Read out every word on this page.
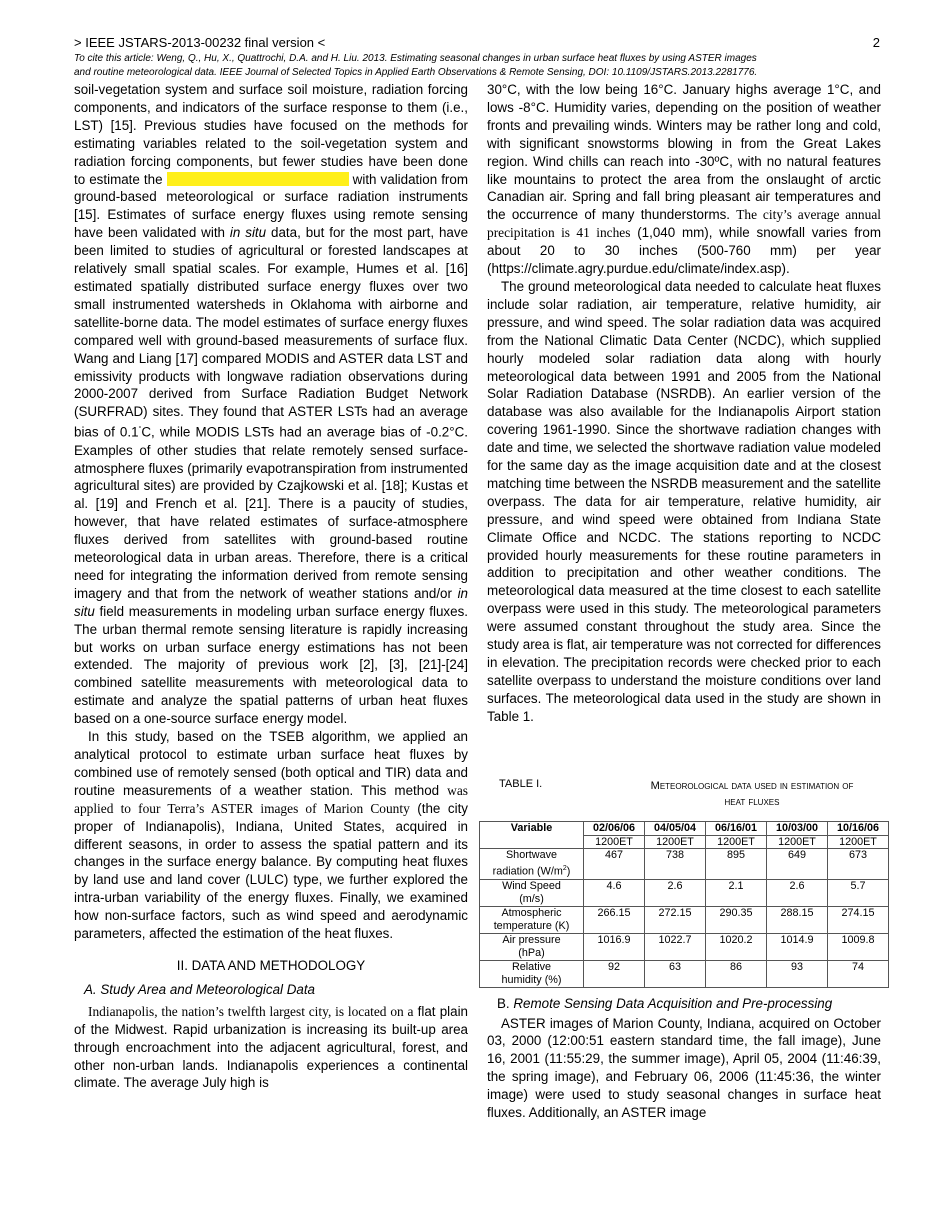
> IEEE JSTARS-2013-00232 final version <	2
To cite this article: Weng, Q., Hu, X., Quattrochi, D.A. and H. Liu. 2013. Estimating seasonal changes in urban surface heat fluxes by using ASTER images
and routine meteorological data. IEEE Journal of Selected Topics in Applied Earth Observations & Remote Sensing, DOI: 10.1109/JSTARS.2013.2281776.

soil-vegetation system and surface soil moisture, radiation forcing components, and indicators of the surface response to them (i.e., LST) [15]. Previous studies have focused on the methods for estimating variables related to the soil-vegetation system and radiation forcing components, but fewer studies have been done to estimate the	with validation from ground-based meteorological or surface radiation instruments [15]. Estimates of surface energy fluxes using remote sensing have been validated with in situ data, but for the most part, have been limited to studies of agricultural or forested landscapes at relatively small spatial scales. For example, Humes et al. [16] estimated spatially distributed surface energy fluxes over two small instrumented watersheds in Oklahoma with airborne and satellite-borne data. The model estimates of surface energy fluxes compared well with ground-based measurements of surface flux. Wang and Liang [17] compared MODIS and ASTER data LST and emissivity products with longwave radiation observations during 2000-2007 derived from Surface Radiation Budget Network (SURFRAD) sites. They found that ASTER LSTs had an average bias of 0.1°C, while MODIS LSTs had an average bias of -0.2°C. Examples of other studies that relate remotely sensed surface-atmosphere fluxes (primarily evapotranspiration from instrumented agricultural sites) are provided by Czajkowski et al. [18]; Kustas et al. [19] and French et al. [21]. There is a paucity of studies, however, that have related estimates of surface-atmosphere fluxes derived from satellites with ground-based routine meteorological data in urban areas. Therefore, there is a critical need for integrating the information derived from remote sensing imagery and that from the network of weather stations and/or in situ field measurements in modeling urban surface energy fluxes. The urban thermal remote sensing literature is rapidly increasing but works on urban surface energy estimations has not been extended. The majority of previous work [2], [3], [21]-[24] combined satellite measurements with meteorological data to estimate and analyze the spatial patterns of urban heat fluxes based on a one-source surface energy model.

In this study, based on the TSEB algorithm, we applied an analytical protocol to estimate urban surface heat fluxes by combined use of remotely sensed (both optical and TIR) data and routine measurements of a weather station. This method was applied to four Terra’s ASTER images of Marion County (the city proper of Indianapolis), Indiana, United States, acquired in different seasons, in order to assess the spatial pattern and its changes in the surface energy balance. By computing heat fluxes by land use and land cover (LULC) type, we further explored the intra-urban variability of the energy fluxes. Finally, we examined how non-surface factors, such as wind speed and aerodynamic parameters, affected the estimation of the heat fluxes.

II. DATA AND METHODOLOGY

A. Study Area and Meteorological Data

Indianapolis, the nation’s twelfth largest city, is located on a flat plain of the Midwest. Rapid urbanization is increasing its built-up area through encroachment into the adjacent agricultural, forest, and other non-urban lands. Indianapolis experiences a continental climate. The average July high is

30°C, with the low being 16°C. January highs average 1°C, and lows -8°C. Humidity varies, depending on the position of weather fronts and prevailing winds. Winters may be rather long and cold, with significant snowstorms blowing in from the Great Lakes region. Wind chills can reach into -30ºC, with no natural features like mountains to protect the area from the onslaught of arctic Canadian air. Spring and fall bring pleasant air temperatures and the occurrence of many thunderstorms. The city’s average annual precipitation is 41 inches (1,040 mm), while snowfall varies from about 20 to 30 inches (500-760 mm) per year (https://climate.agry.purdue.edu/climate/index.asp).

The ground meteorological data needed to calculate heat fluxes include solar radiation, air temperature, relative humidity, air pressure, and wind speed. The solar radiation data was acquired from the National Climatic Data Center (NCDC), which supplied hourly modeled solar radiation data along with hourly meteorological data between 1991 and 2005 from the National Solar Radiation Database (NSRDB). An earlier version of the database was also available for the Indianapolis Airport station covering 1961-1990. Since the shortwave radiation changes with date and time, we selected the shortwave radiation value modeled for the same day as the image acquisition date and at the closest matching time between the NSRDB measurement and the satellite overpass. The data for air temperature, relative humidity, air pressure, and wind speed were obtained from Indiana State Climate Office and NCDC. The stations reporting to NCDC provided hourly measurements for these routine parameters in addition to precipitation and other weather conditions. The meteorological data measured at the time closest to each satellite overpass were used in this study. The meteorological parameters were assumed constant throughout the study area. Since the study area is flat, air temperature was not corrected for differences in elevation. The precipitation records were checked prior to each satellite overpass to understand the moisture conditions over land surfaces. The meteorological data used in the study are shown in Table 1.

B. Remote Sensing Data Acquisition and Pre-processing

ASTER images of Marion County, Indiana, acquired on October 03, 2000 (12:00:51 eastern standard time, the fall image), June 16, 2001 (11:55:29, the summer image), April 05, 2004 (11:46:39, the spring image), and February 06, 2006 (11:45:36, the winter image) were used to study seasonal changes in surface heat fluxes. Additionally, an ASTER image

TABLE I.	Meteorological data used in estimation of
heat fluxes
Variable	02/06/06	04/05/04	06/16/01	10/03/00	10/16/06
	1200ET	1200ET	1200ET	1200ET	1200ET
Shortwave
radiation $(W/m^2)$	467	738	895	649	673
Wind Speed
(m/s)	4.6	2.6	2.1	2.6	5.7
Atmospheric
temperature (K)	266.15	272.15	290.35	288.15	274.15
Air pressure
(hPa)	1016.9	1022.7	1020.2	1014.9	1009.8
Relative
humidity (%)	92	63	86	93	74
